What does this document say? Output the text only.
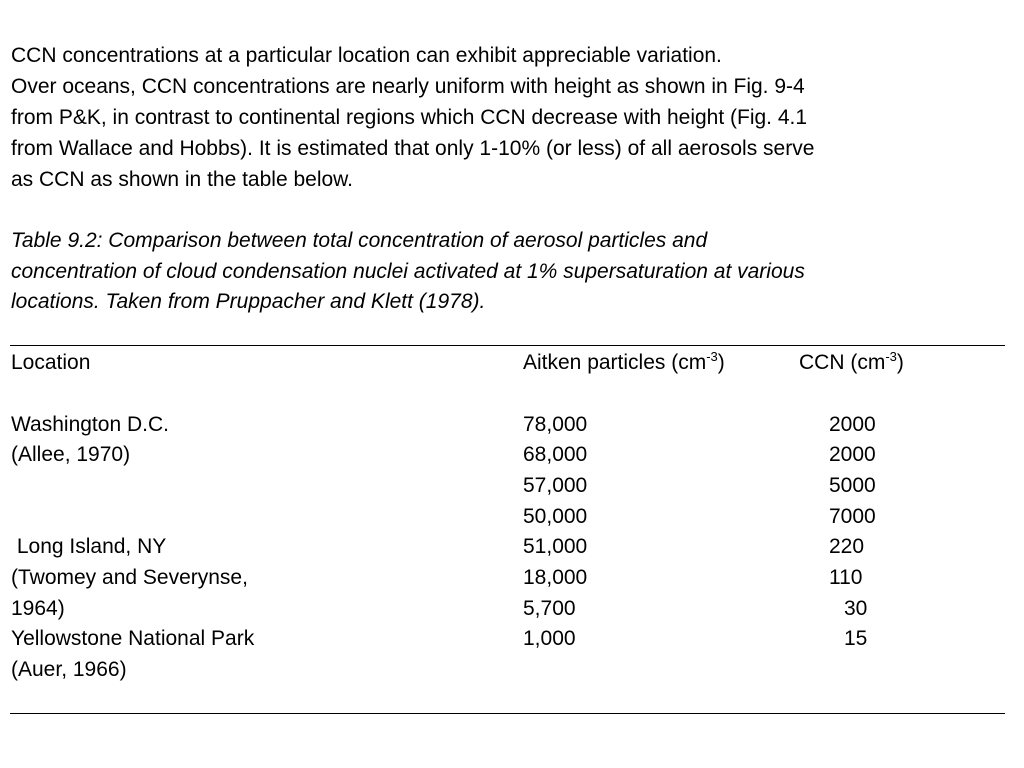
CCN concentrations at a particular location can exhibit appreciable variation.
Over oceans, CCN concentrations are nearly uniform with height as shown in Fig. 9-4
from P&K, in contrast to continental regions which CCN decrease with height (Fig. 4.1
from Wallace and Hobbs). It is estimated that only 1-10% (or less) of all aerosols serve
as CCN as shown in the table below.

Table 9.2: Comparison between total concentration of aerosol particles and
concentration of cloud condensation nuclei activated at 1% supersaturation at various
locations. Taken from Pruppacher and Klett (1978).

Location	Aitken particles $(cm^{-3})$	CCN $(cm^{-3})$
Washington D.C.
(Allee, 1970)
Long Island, NY
(Twomey and Severynse,
1964)
Yellowstone National Park
(Auer, 1966)
78,000
68,000
57,000
50,000
51,000
18,000
5,700
1,000
2000
2000
5000
7000
220
110
30
15
